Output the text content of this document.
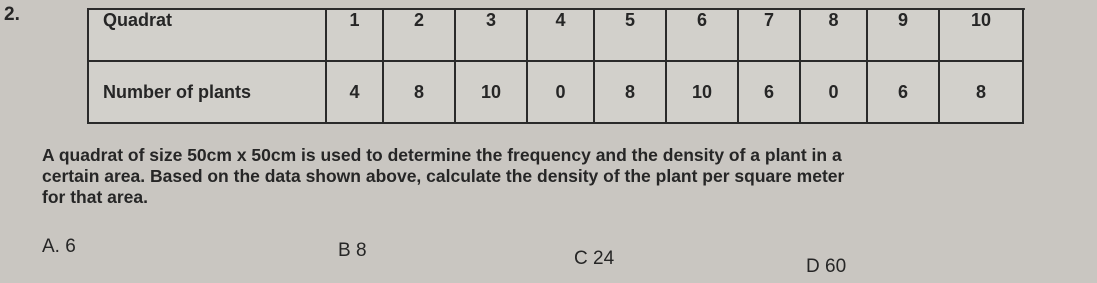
2.	Quadrat	1	2	3	4	5	6	7	8	9	10
Number of plants	4	8	10	0	8	10	6	0	6	8
A quadrat of size 50cm x 50cm is used to determine the frequency and the density of a plant in a
certain area. Based on the data shown above, calculate the density of the plant per square meter
for that area.
A. 6	B 8	C 24	D 60
